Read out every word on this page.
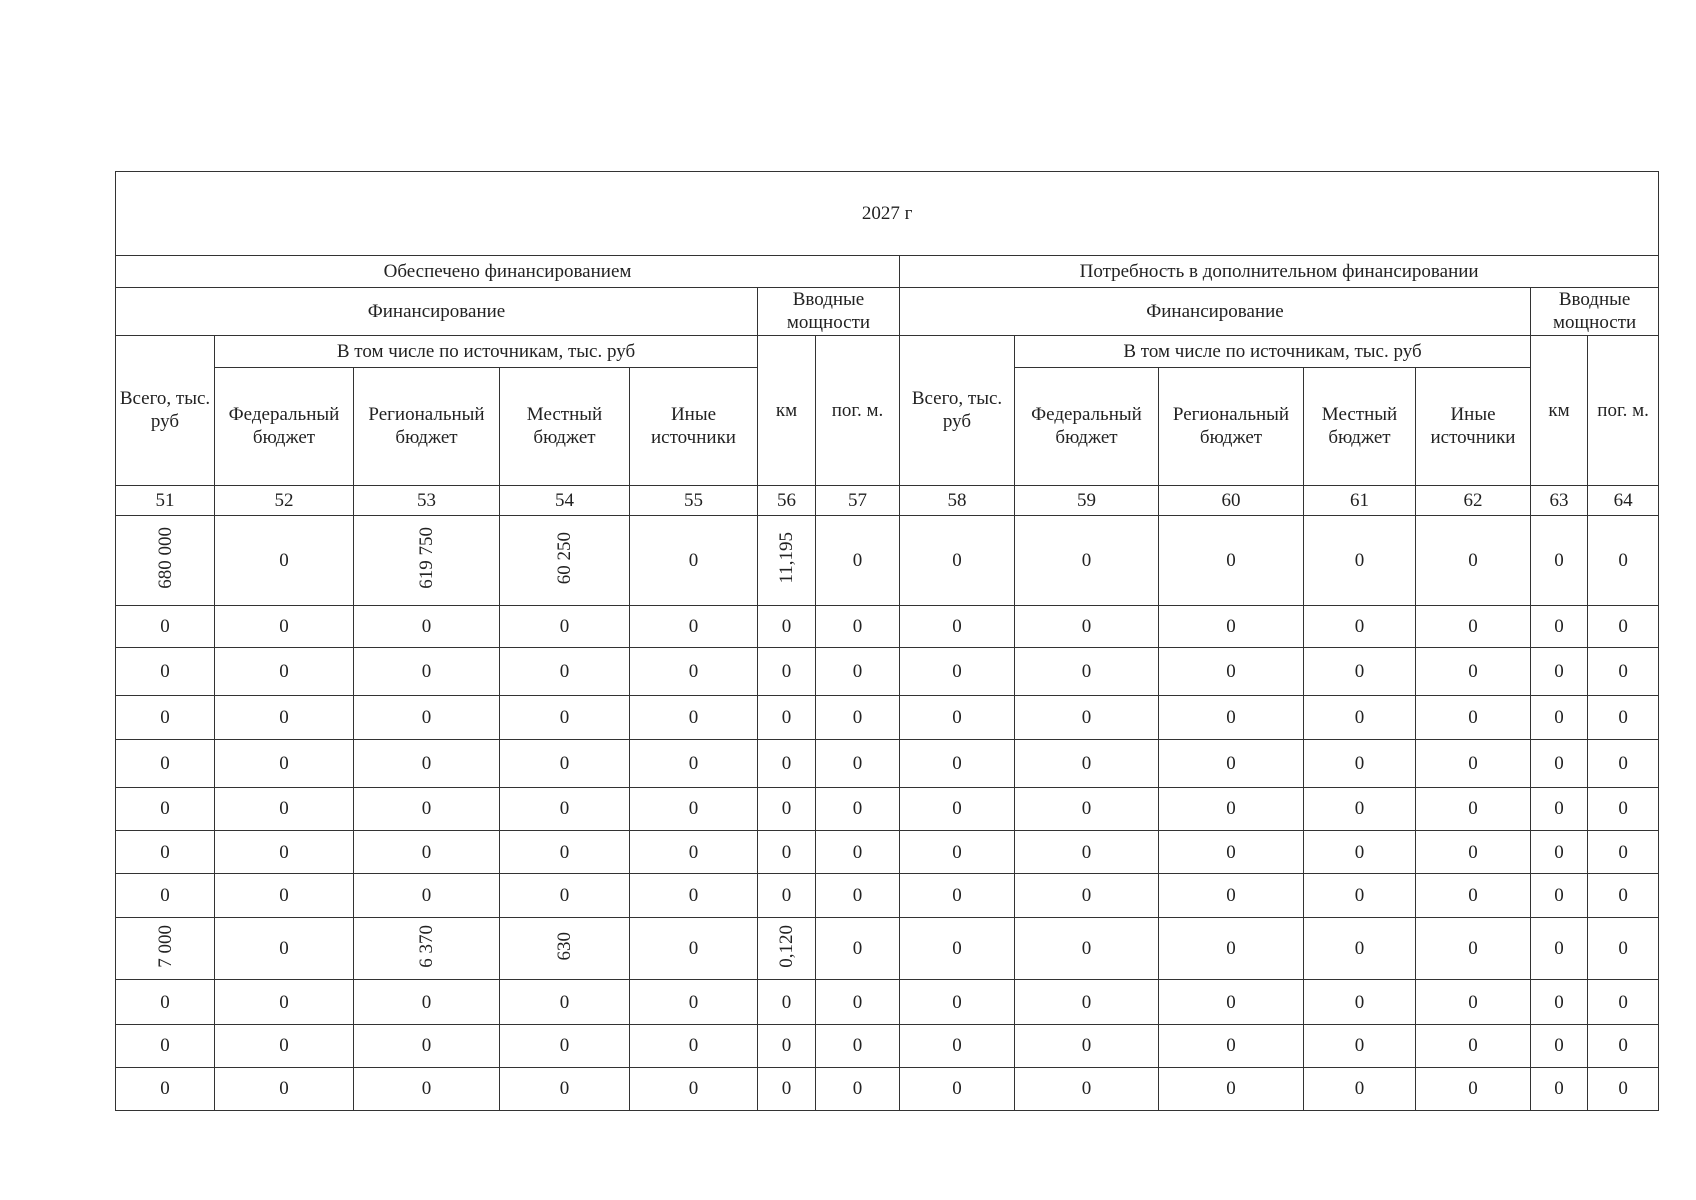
2027 г													
Обеспечено финансированием							Потребность в дополнительном финансировании						
Финансирование					Вводные мощности		Финансирование					Вводные мощности	
Всего, тыс. руб	В том числе по источникам, тыс. руб				км	пог. м.	Всего, тыс. руб	В том числе по источникам, тыс. руб				км	пог. м.
	Федеральный бюджет	Региональный бюджет	Местный бюджет	Иные источники				Федеральный бюджет	Региональный бюджет	Местный бюджет	Иные источники		
51	52	53	54	55	56	57	58	59	60	61	62	63	64
680 000	0	619 750	60 250	0	11,195	0	0	0	0	0	0	0	0
0	0	0	0	0	0	0	0	0	0	0	0	0	0
0	0	0	0	0	0	0	0	0	0	0	0	0	0
0	0	0	0	0	0	0	0	0	0	0	0	0	0
0	0	0	0	0	0	0	0	0	0	0	0	0	0
0	0	0	0	0	0	0	0	0	0	0	0	0	0
0	0	0	0	0	0	0	0	0	0	0	0	0	0
0	0	0	0	0	0	0	0	0	0	0	0	0	0
7 000	0	6 370	630	0	0,120	0	0	0	0	0	0	0	0
0	0	0	0	0	0	0	0	0	0	0	0	0	0
0	0	0	0	0	0	0	0	0	0	0	0	0	0
0	0	0	0	0	0	0	0	0	0	0	0	0	0
